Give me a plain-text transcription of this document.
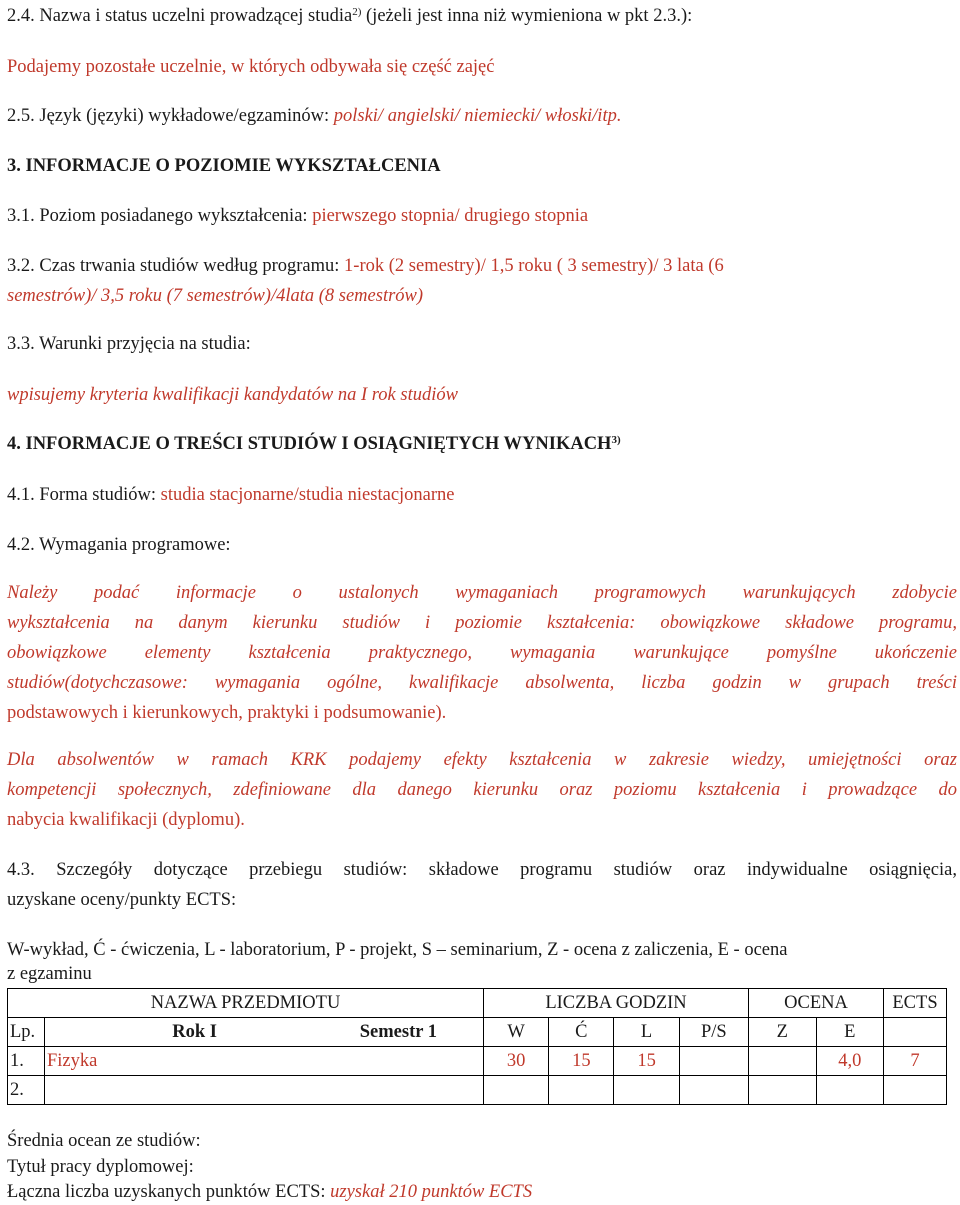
2.4. Nazwa i status uczelni prowadzącej studia$^{2)}$ (jeżeli jest inna niż wymieniona w pkt 2.3.):
Podajemy pozostałe uczelnie, w których odbywała się część zajęć
2.5. Język (języki) wykładowe/egzaminów: polski/ angielski/ niemiecki/ włoski/itp.
3. INFORMACJE O POZIOMIE WYKSZTAŁCENIA
3.1. Poziom posiadanego wykształcenia: pierwszego stopnia/ drugiego stopnia
3.2. Czas trwania studiów według programu: 1-rok (2 semestry)/ 1,5 roku ( 3 semestry)/ 3 lata (6
semestrów)/ 3,5 roku (7 semestrów)/4lata (8 semestrów)
3.3. Warunki przyjęcia na studia:
wpisujemy kryteria kwalifikacji kandydatów na I rok studiów
4. INFORMACJE O TREŚCI STUDIÓW I OSIĄGNIĘTYCH WYNIKACH$^{3)}$
4.1. Forma studiów: studia stacjonarne/studia niestacjonarne
4.2. Wymagania programowe:
Należy podać informacje o ustalonych wymaganiach programowych warunkujących zdobycie
wykształcenia na danym kierunku studiów i poziomie kształcenia: obowiązkowe składowe programu,
obowiązkowe elementy kształcenia praktycznego, wymagania warunkujące pomyślne ukończenie
studiów(dotychczasowe: wymagania ogólne, kwalifikacje absolwenta, liczba godzin w grupach treści
podstawowych i kierunkowych, praktyki i podsumowanie).
Dla absolwentów w ramach KRK podajemy efekty kształcenia w zakresie wiedzy, umiejętności oraz
kompetencji społecznych, zdefiniowane dla danego kierunku oraz poziomu kształcenia i prowadzące do
nabycia kwalifikacji (dyplomu).
4.3. Szczegóły dotyczące przebiegu studiów: składowe programu studiów oraz indywidualne osiągnięcia,
uzyskane oceny/punkty ECTS:
W-wykład, Ć - ćwiczenia, L - laboratorium, P - projekt, S – seminarium, Z - ocena z zaliczenia, E - ocena
z egzaminu
NAZWA PRZEDMIOTU		LICZBA GODZIN				OCENA		ECTS
Lp.	Rok I Semestr 1	W	Ć	L	P/S	Z	E	
1.	Fizyka	30	15	15			4,0	7
2.								
Średnia ocean ze studiów:
Tytuł pracy dyplomowej:
Łączna liczba uzyskanych punktów ECTS: uzyskał 210 punktów ECTS
